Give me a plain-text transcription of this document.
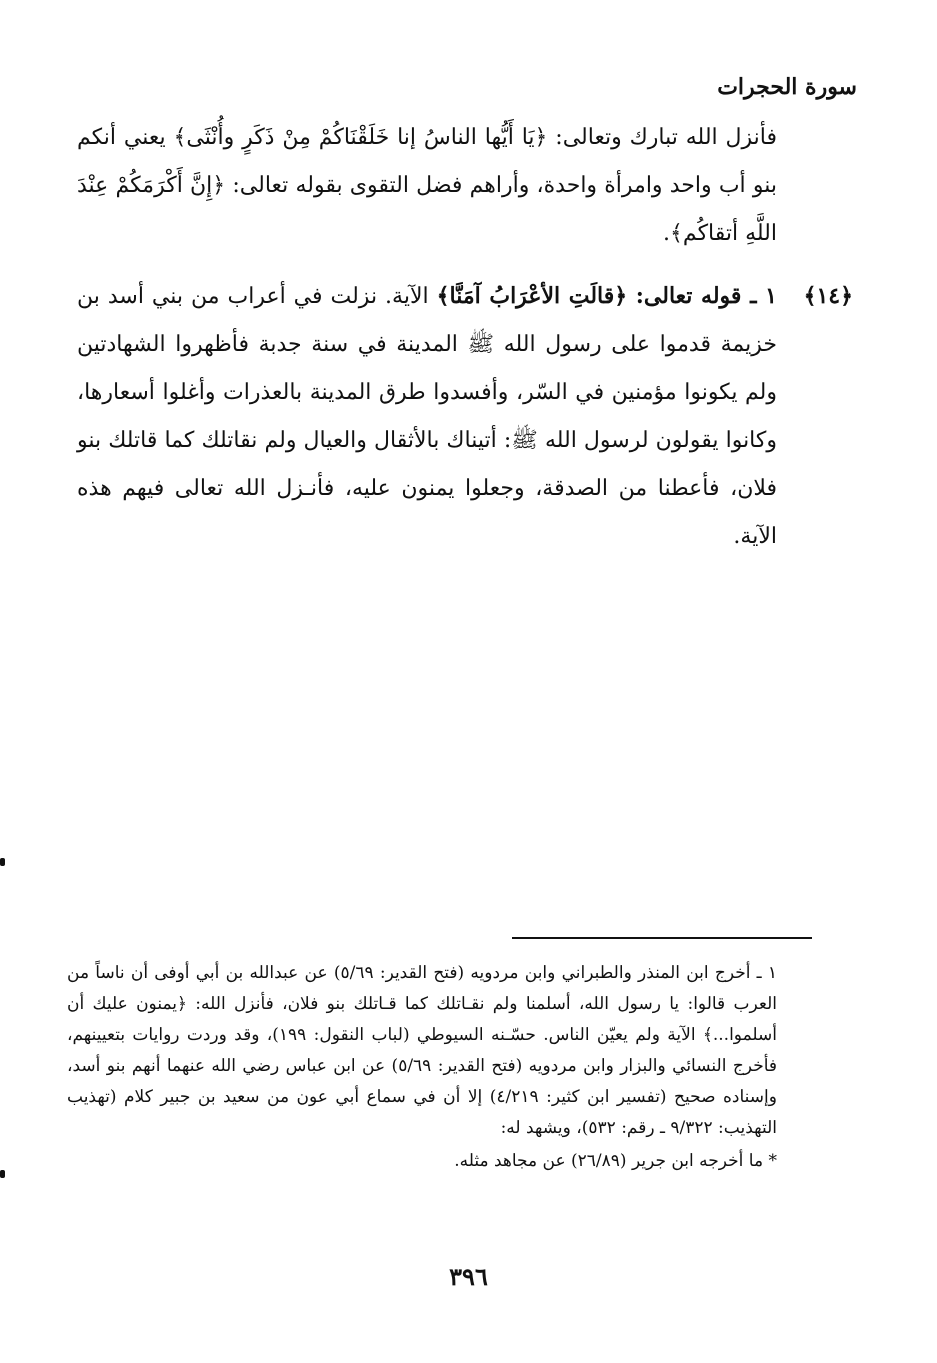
سورة الحجرات

فأنزل الله تبارك وتعالى: ﴿يَا أَيُّها الناسُ إنا خَلَقْنَاكُمْ مِنْ ذَكَرٍ وأُنْثَى﴾ يعني أنكم بنو أب واحد وامرأة واحدة، وأراهم فضل التقوى بقوله تعالى: ﴿إِنَّ أَكْرَمَكُمْ عِنْدَ اللَّهِ أتقاكُم﴾.

﴿١٤﴾
١ ـ قوله تعالى: ﴿قالَتِ الأعْرَابُ آمَنَّا﴾ الآية. نزلت في أعراب من بني أسد بن خزيمة قدموا على رسول الله ﷺ المدينة في سنة جدبة فأظهروا الشهادتين ولم يكونوا مؤمنين في السّر، وأفسدوا طرق المدينة بالعذرات وأغلوا أسعارها، وكانوا يقولون لرسول الله ﷺ: أتيناك بالأثقال والعيال ولم نقاتلك كما قاتلك بنو فلان، فأعطنا من الصدقة، وجعلوا يمنون عليه، فأنـزل الله تعالى فيهم هذه الآية.

١ ـ أخرج ابن المنذر والطبراني وابن مردويه (فتح القدير: ٥/٦٩) عن عبدالله بن أبي أوفى أن ناساً من العرب قالوا: يا رسول الله، أسلمنا ولم نقـاتلك كما قـاتلك بنو فلان، فأنزل الله: ﴿يمنون عليك أن أسلموا...﴾ الآية ولم يعيّن الناس. حسّـنه السيوطي (لباب النقول: ١٩٩)، وقد وردت روايات بتعيينهم، فأخرج النسائي والبزار وابن مردويه (فتح القدير: ٥/٦٩) عن ابن عباس رضي الله عنهما أنهم بنو أسد، وإسناده صحيح (تفسير ابن كثير: ٤/٢١٩) إلا أن في سماع أبي عون من سعيد بن جبير كلام (تهذيب التهذيب: ٩/٣٢٢ ـ رقم: ٥٣٢)، ويشهد له:

* ما أخرجه ابن جرير (٢٦/٨٩) عن مجاهد مثله.

٣٩٦
